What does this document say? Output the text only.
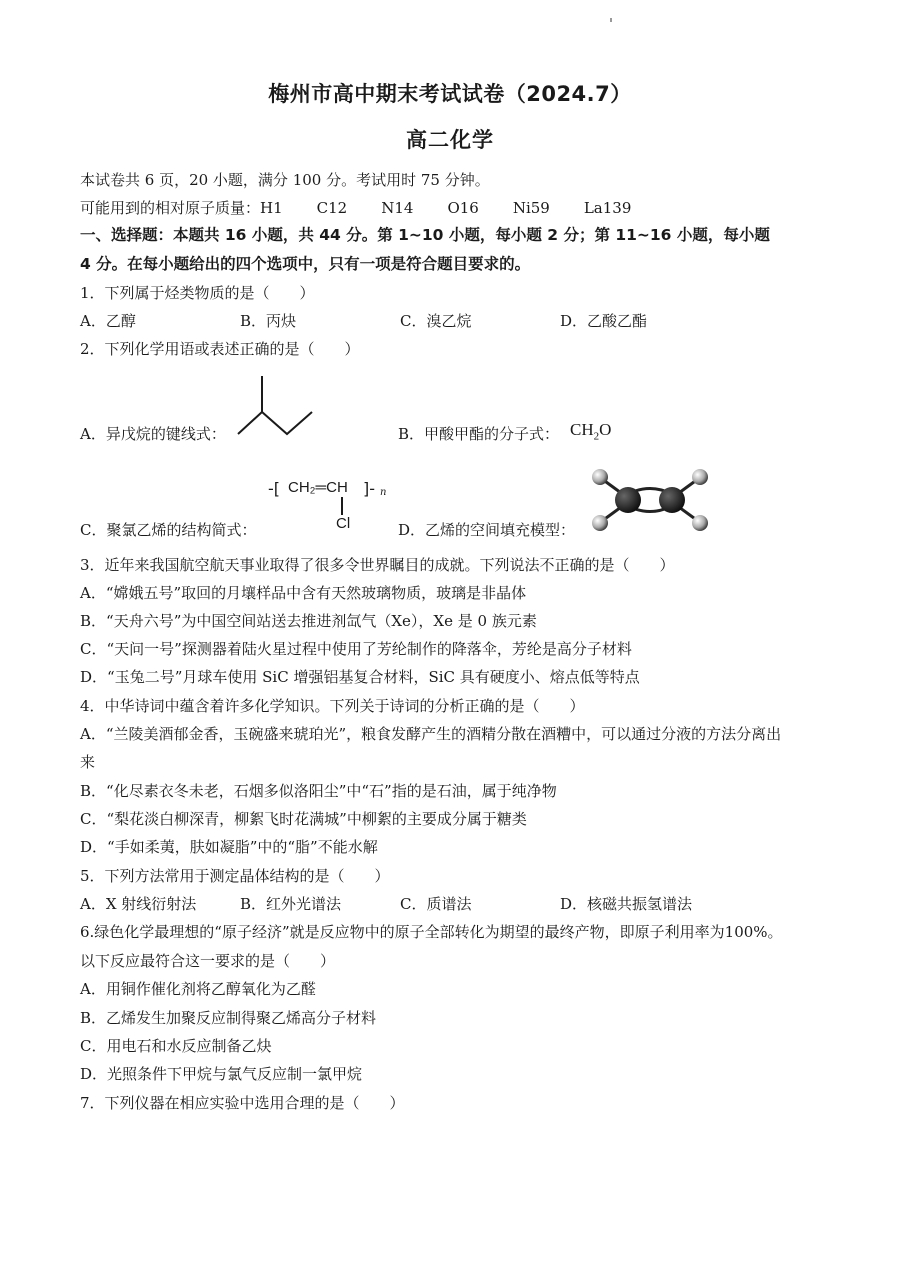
梅州市高中期末考试试卷（2024.7）
高二化学
本试卷共 6 页，20 小题，满分 100 分。考试用时 75 分钟。
可能用到的相对原子质量：H1 C12 N14 O16 Ni59 La139
一、选择题：本题共 16 小题，共 44 分。第 1~10 小题，每小题 2 分；第 11~16 小题，每小题
4 分。在每小题给出的四个选项中，只有一项是符合题目要求的。
1．下列属于烃类物质的是（　　）
A．乙醇	B．丙炔	C．溴乙烷	D．乙酸乙酯
2．下列化学用语或表述正确的是（　　）
A．异戊烷的键线式：	B．甲酸甲酯的分子式： $CH_2O$
-[ CH₂═CH ]- n
Cl
C．聚氯乙烯的结构简式：	D．乙烯的空间填充模型：
3．近年来我国航空航天事业取得了很多令世界瞩目的成就。下列说法不正确的是（　　）
A．“嫦娥五号”取回的月壤样品中含有天然玻璃物质，玻璃是非晶体
B．“天舟六号”为中国空间站送去推进剂氙气（Xe），Xe 是 0 族元素
C．“天问一号”探测器着陆火星过程中使用了芳纶制作的降落伞，芳纶是高分子材料
D．“玉兔二号”月球车使用 SiC 增强铝基复合材料，SiC 具有硬度小、熔点低等特点
4．中华诗词中蕴含着许多化学知识。下列关于诗词的分析正确的是（　　）
A．“兰陵美酒郁金香，玉碗盛来琥珀光”，粮食发酵产生的酒精分散在酒糟中，可以通过分液的方法分离出
来
B．“化尽素衣冬未老，石烟多似洛阳尘”中“石”指的是石油，属于纯净物
C．“梨花淡白柳深青，柳絮飞时花满城”中柳絮的主要成分属于糖类
D．“手如柔荑，肤如凝脂”中的“脂”不能水解
5．下列方法常用于测定晶体结构的是（　　）
A．X 射线衍射法	B．红外光谱法	C．质谱法	D．核磁共振氢谱法
6.绿色化学最理想的“原子经济”就是反应物中的原子全部转化为期望的最终产物，即原子利用率为100%。
以下反应最符合这一要求的是（　　）
A．用铜作催化剂将乙醇氧化为乙醛
B．乙烯发生加聚反应制得聚乙烯高分子材料
C．用电石和水反应制备乙炔
D．光照条件下甲烷与氯气反应制一氯甲烷
7．下列仪器在相应实验中选用合理的是（　　）
